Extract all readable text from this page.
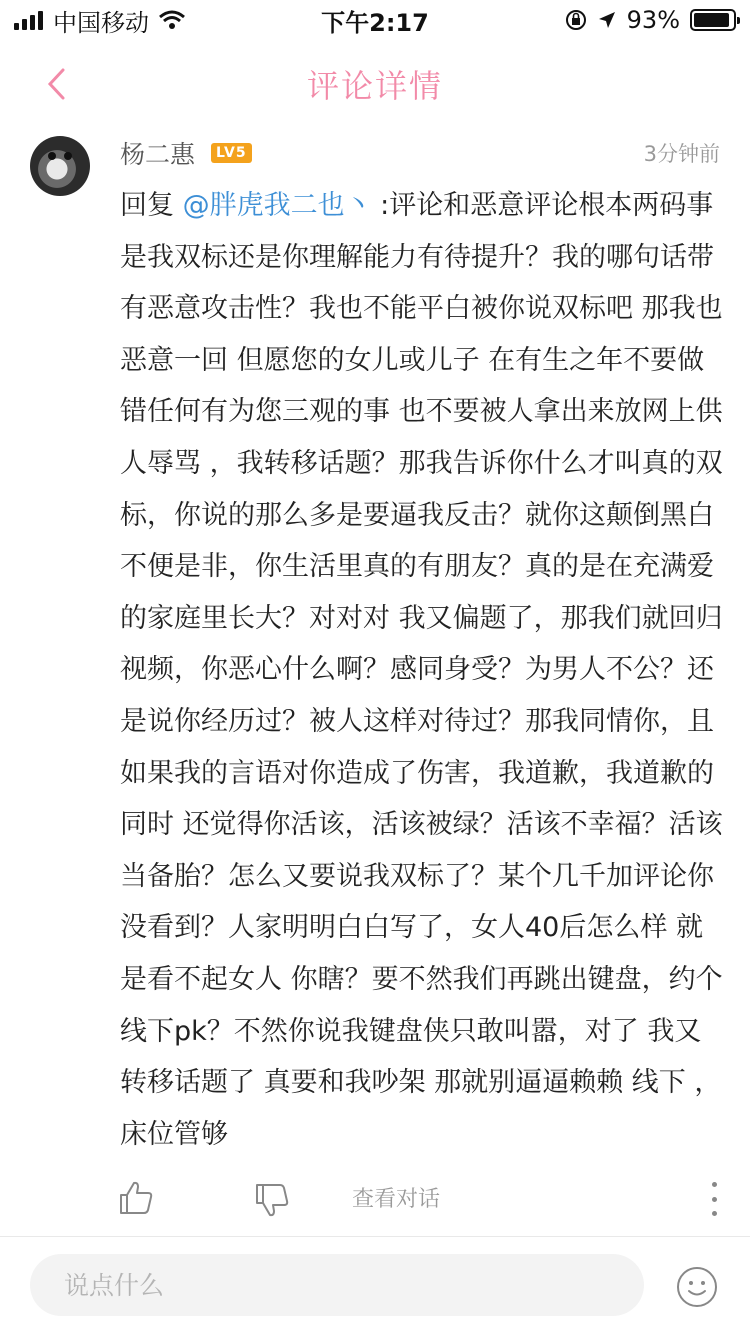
中国移动	下午2:17	93%
评论详情
杨二惠	LV5	3分钟前
回复 @胖虎我二也丶 :评论和恶意评论根本两码事 是我双标还是你理解能力有待提升？我的哪句话带有恶意攻击性？我也不能平白被你说双标吧 那我也恶意一回 但愿您的女儿或儿子 在有生之年不要做错任何有为您三观的事 也不要被人拿出来放网上供人辱骂 ，我转移话题？那我告诉你什么才叫真的双标，你说的那么多是要逼我反击？就你这颠倒黑白不便是非，你生活里真的有朋友？真的是在充满爱的家庭里长大？对对对 我又偏题了，那我们就回归视频，你恶心什么啊？感同身受？为男人不公？还是说你经历过？被人这样对待过？那我同情你，且如果我的言语对你造成了伤害，我道歉，我道歉的同时 还觉得你活该，活该被绿？活该不幸福？活该当备胎？怎么又要说我双标了？某个几千加评论你没看到？人家明明白白写了，女人40后怎么样 就是看不起女人 你瞎？要不然我们再跳出键盘，约个线下pk？不然你说我键盘侠只敢叫嚣，对了 我又转移话题了 真要和我吵架 那就别逼逼赖赖 线下 ，床位管够
查看对话
说点什么
